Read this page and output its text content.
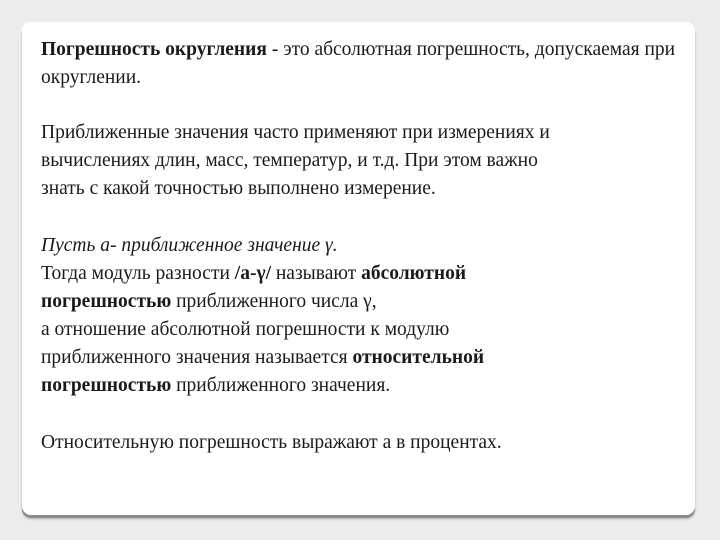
Погрешность округления - это абсолютная погрешность, допускаемая при округлении.

Приближенные значения часто применяют при измерениях и
вычислениях длин, масс, температур, и т.д. При этом важно
знать с какой точностью выполнено измерение.

Пусть а- приближенное значение γ.
Тогда модуль разности /а-γ/ называют абсолютной
погрешностью приближенного числа γ,
а отношение абсолютной погрешности к модулю
приближенного значения называется относительной
погрешностью приближенного значения.

Относительную погрешность выражают а в процентах.
